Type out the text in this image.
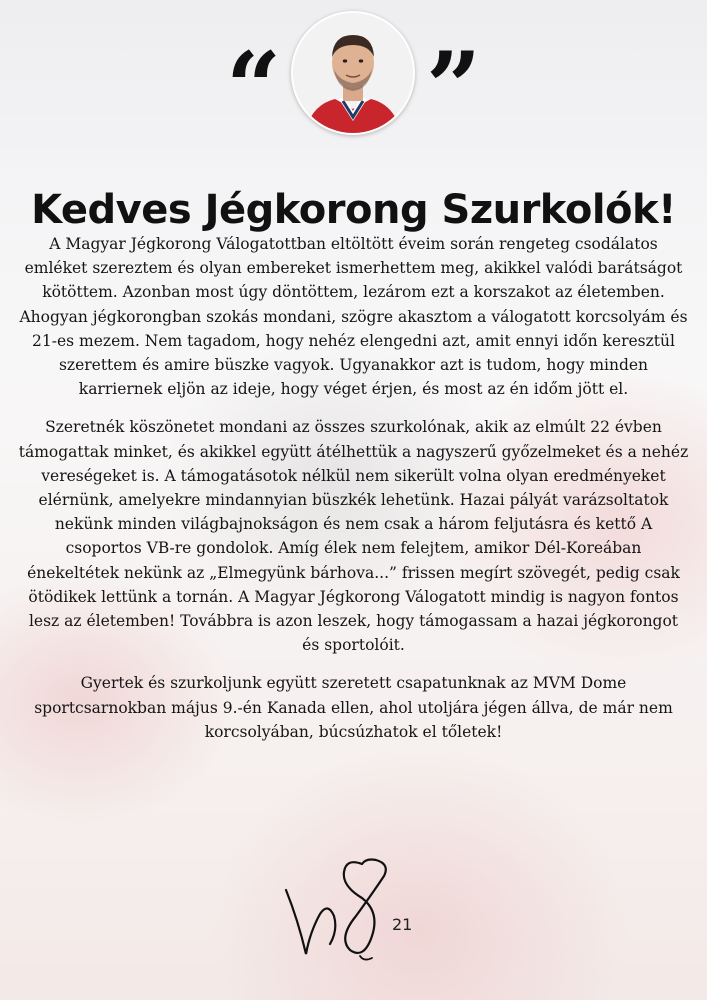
“ ”
Kedves Jégkorong Szurkolók!

A Magyar Jégkorong Válogatottban eltöltött éveim során rengeteg csodálatos emléket szereztem és olyan embereket ismerhettem meg, akikkel valódi barátságot kötöttem. Azonban most úgy döntöttem, lezárom ezt a korszakot az életemben. Ahogyan jégkorongban szokás mondani, szögre akasztom a válogatott korcsolyám és 21-es mezem. Nem tagadom, hogy nehéz elengedni azt, amit ennyi időn keresztül szerettem és amire büszke vagyok. Ugyanakkor azt is tudom, hogy minden karriernek eljön az ideje, hogy véget érjen, és most az én időm jött el.

Szeretnék köszönetet mondani az összes szurkolónak, akik az elmúlt 22 évben támogattak minket, és akikkel együtt átélhettük a nagyszerű győzelmeket és a nehéz vereségeket is. A támogatásotok nélkül nem sikerült volna olyan eredményeket elérnünk, amelyekre mindannyian büszkék lehetünk. Hazai pályát varázsoltatok nekünk minden világbajnokságon és nem csak a három feljutásra és kettő A csoportos VB-re gondolok. Amíg élek nem felejtem, amikor Dél-Koreában énekeltétek nekünk az „Elmegyünk bárhova...” frissen megírt szövegét, pedig csak ötödikek lettünk a tornán. A Magyar Jégkorong Válogatott mindig is nagyon fontos lesz az életemben! Továbbra is azon leszek, hogy támogassam a hazai jégkorongot és sportolóit.

Gyertek és szurkoljunk együtt szeretett csapatunknak az MVM Dome sportcsarnokban május 9.-én Kanada ellen, ahol utoljára jégen állva, de már nem korcsolyában, búcsúzhatok el tőletek!

21
